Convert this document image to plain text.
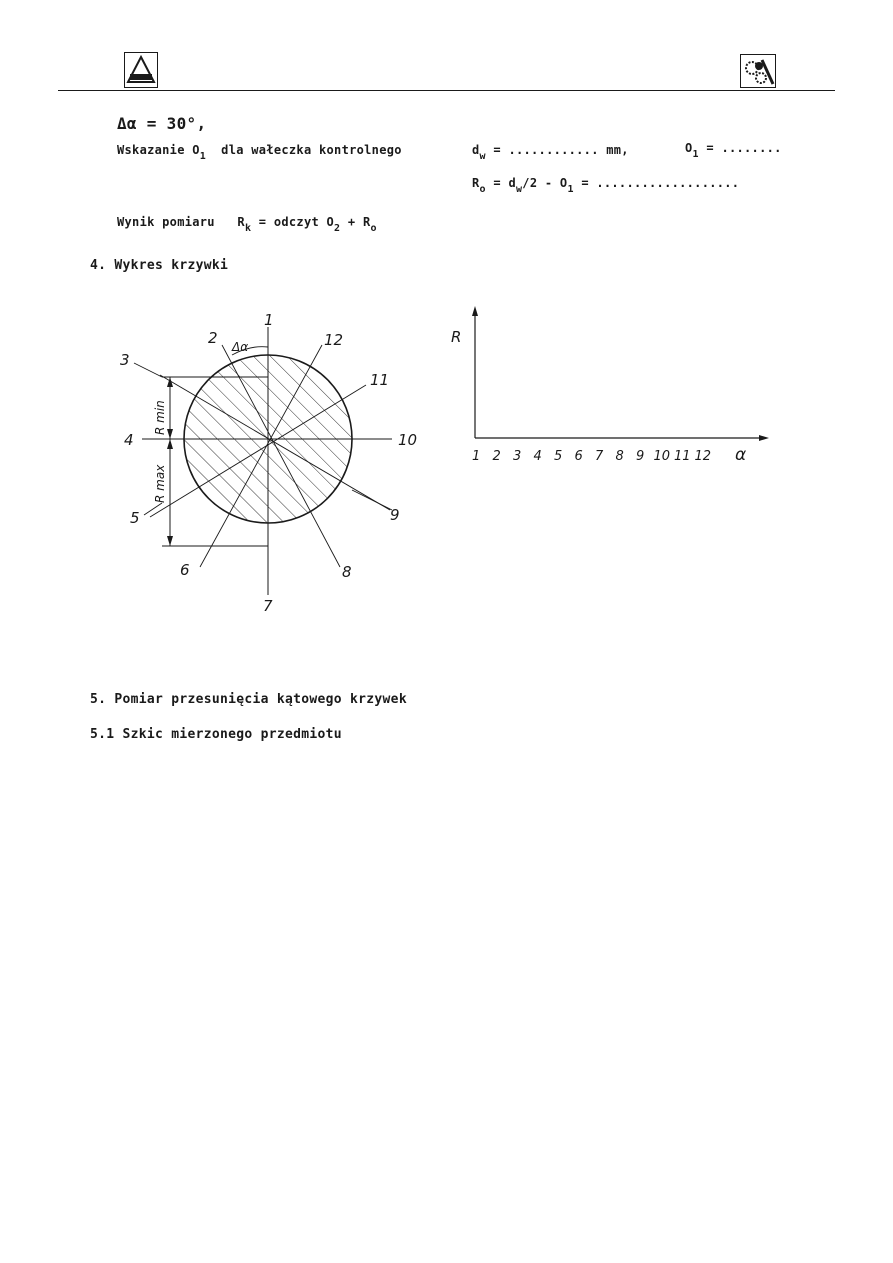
IMA
Δα = 30°,
Wskazanie $O_1$ dla wałeczka kontrolnego	$d_w$ = ............ mm,	$O_1$ = ........
$R_o = d_w/2 - O_1$ = ...................
Wynik pomiaru $R_k$ = odczyt $O_2 + R_o$
4. Wykres krzywki
5. Pomiar przesunięcia kątowego krzywek
5.1 Szkic mierzonego przedmiotu
1
2
3
4
5
6
7
8
9
10
11
12
Δα
R min
R max
R
α
1 2 3 4 5 6 7 8 9 10 11 12
